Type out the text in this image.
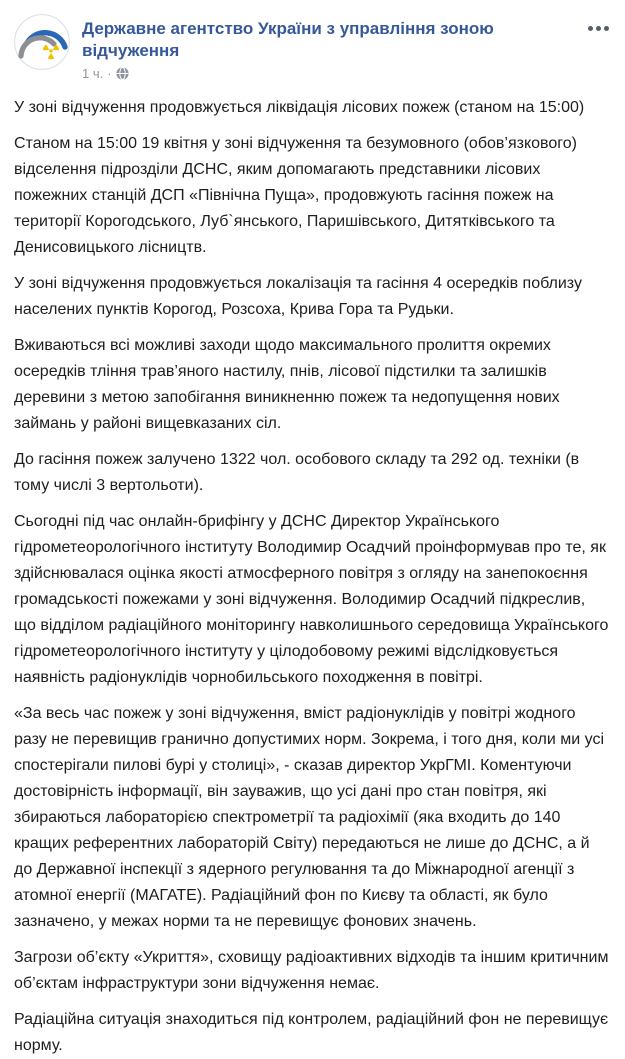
Державне агентство України з управління зоною відчуження
1 ч. ·

У зоні відчуження продовжується ліквідація лісових пожеж (станом на 15:00)

Станом на 15:00 19 квітня у зоні відчуження та безумовного (обов’язкового) відселення підрозділи ДСНС, яким допомагають представники лісових пожежних станцій ДСП «Північна Пуща», продовжують гасіння пожеж на території Корогодського, Луб`янського, Паришівського, Дитятківського та Денисовицького лісництв.

У зоні відчуження продовжується локалізація та гасіння 4 осередків поблизу населених пунктів Корогод, Розсоха, Крива Гора та Рудьки.

Вживаються всі можливі заходи щодо максимального пролиття окремих осередків тління трав’яного настилу, пнів, лісової підстилки та залишків деревини з метою запобігання виникненню пожеж та недопущення нових займань у районі вищевказаних сіл.

До гасіння пожеж залучено 1322 чол. особового складу та 292 од. техніки (в тому числі 3 вертольоти).

Сьогодні під час онлайн-брифінгу у ДСНС Директор Українського гідрометеорологічного інституту Володимир Осадчий проінформував про те, як здійснювалася оцінка якості атмосферного повітря з огляду на занепокоєння громадськості пожежами у зоні відчуження. Володимир Осадчий підкреслив, що відділом радіаційного моніторингу навколишнього середовища Українського гідрометеорологічного інституту у цілодобовому режимі відслідковується наявність радіонуклідів чорнобильського походження в повітрі.

«За весь час пожеж у зоні відчуження, вміст радіонуклідів у повітрі жодного разу не перевищив гранично допустимих норм. Зокрема, і того дня, коли ми усі спостерігали пилові бурі у столиці», - сказав директор УкрГМІ. Коментуючи достовірність інформації, він зауважив, що усі дані про стан повітря, які збираються лабораторією спектрометрії та радіохімії (яка входить до 140 кращих референтних лабораторій Світу) передаються не лише до ДСНС, а й до Державної інспекції з ядерного регулювання та до Міжнародної агенції з атомної енергії (МАГАТЕ). Радіаційний фон по Києву та області, як було зазначено, у межах норми та не перевищує фонових значень.

Загрози об’єкту «Укриття», сховищу радіоактивних відходів та іншим критичним об’єктам інфраструктури зони відчуження немає.

Радіаційна ситуація знаходиться під контролем, радіаційний фон не перевищує норму.
